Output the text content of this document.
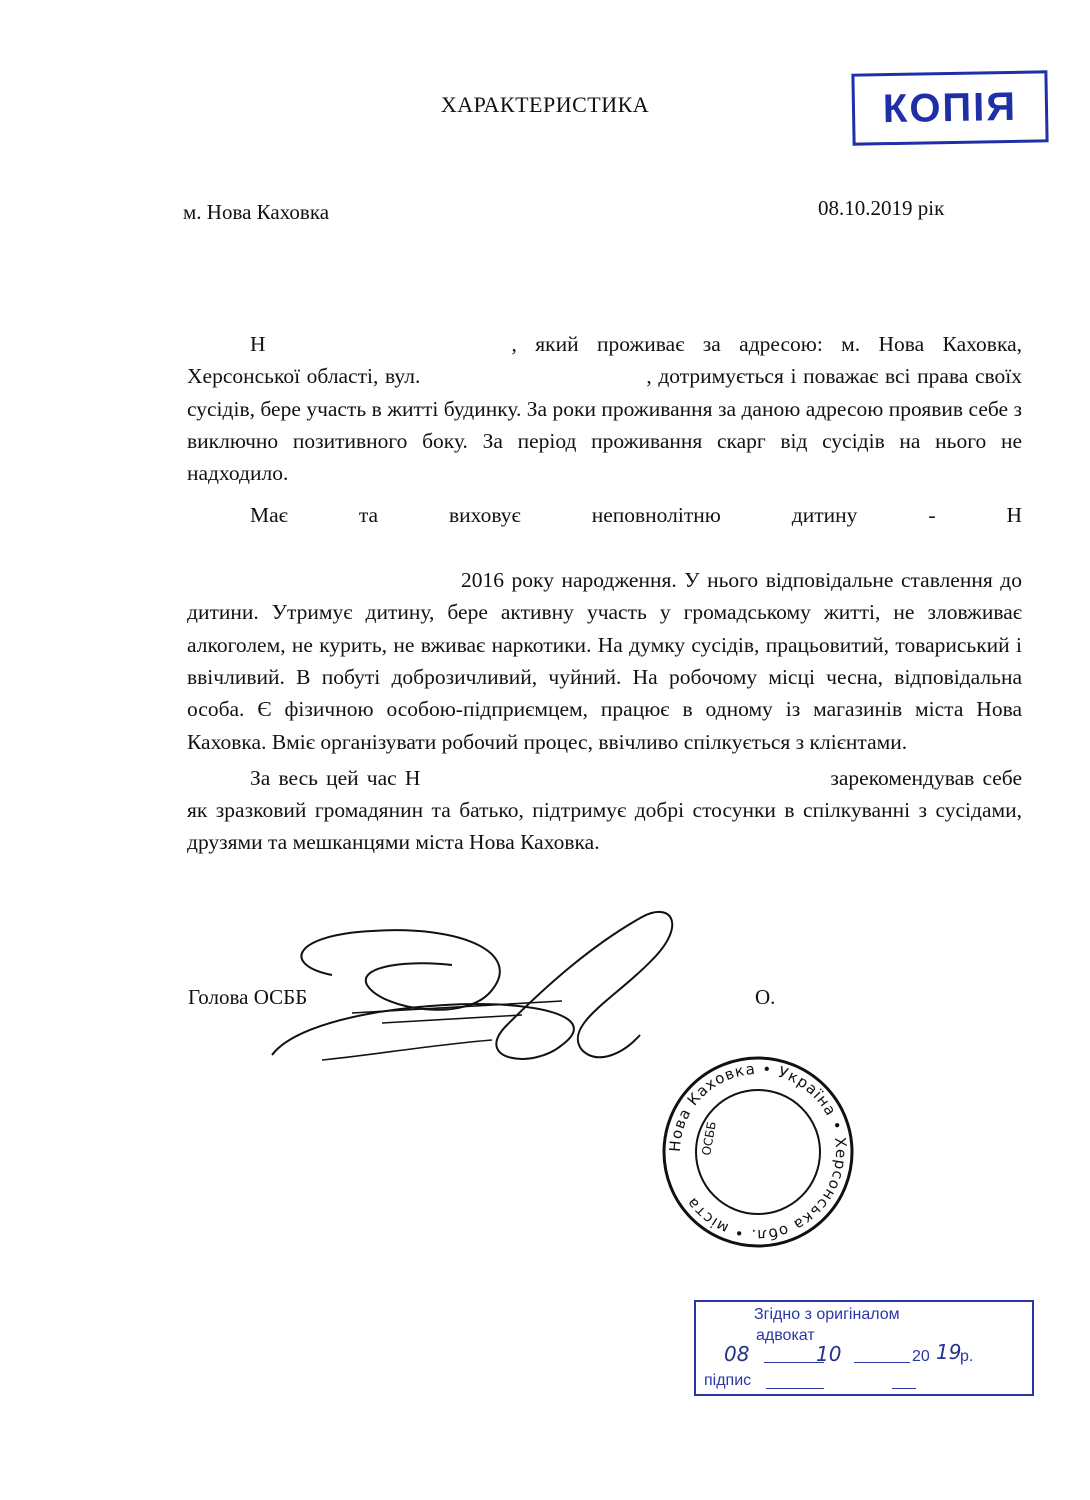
КОПІЯ
ХАРАКТЕРИСТИКА
м. Нова Каховка	08.10.2019 рік

Н	, який проживає за адресою: м. Нова Каховка, Херсонської області, вул.	, дотримується і поважає всі права своїх сусідів, бере участь в житті будинку. За роки проживання за даною адресою проявив себе з виключно позитивного боку. За період проживання скарг від сусідів на нього не надходило.

Має та виховує неповнолітню дитину - Н 2016 року народження. У нього відповідальне ставлення до дитини. Утримує дитину, бере активну участь у громадському житті, не зловживає алкоголем, не курить, не вживає наркотики. На думку сусідів, працьовитий, товариський і ввічливий. В побуті доброзичливий, чуйний. На робочому місці чесна, відповідальна особа. Є фізичною особою-підприємцем, працює в одному із магазинів міста Нова Каховка. Вміє організувати робочий процес, ввічливо спілкується з клієнтами.

За весь цей час Н	зарекомендував себе як зразковий громадянин та батько, підтримує добрі стосунки в спілкуванні з сусідами, друзями та мешканцями міста Нова Каховка.

Голова ОСББ	О.
Нова Каховка • Україна • Херсонська обл. • міста
ОСББ
Згідно з оригіналом
адвокат
08	10	20 19
р.
підпис
